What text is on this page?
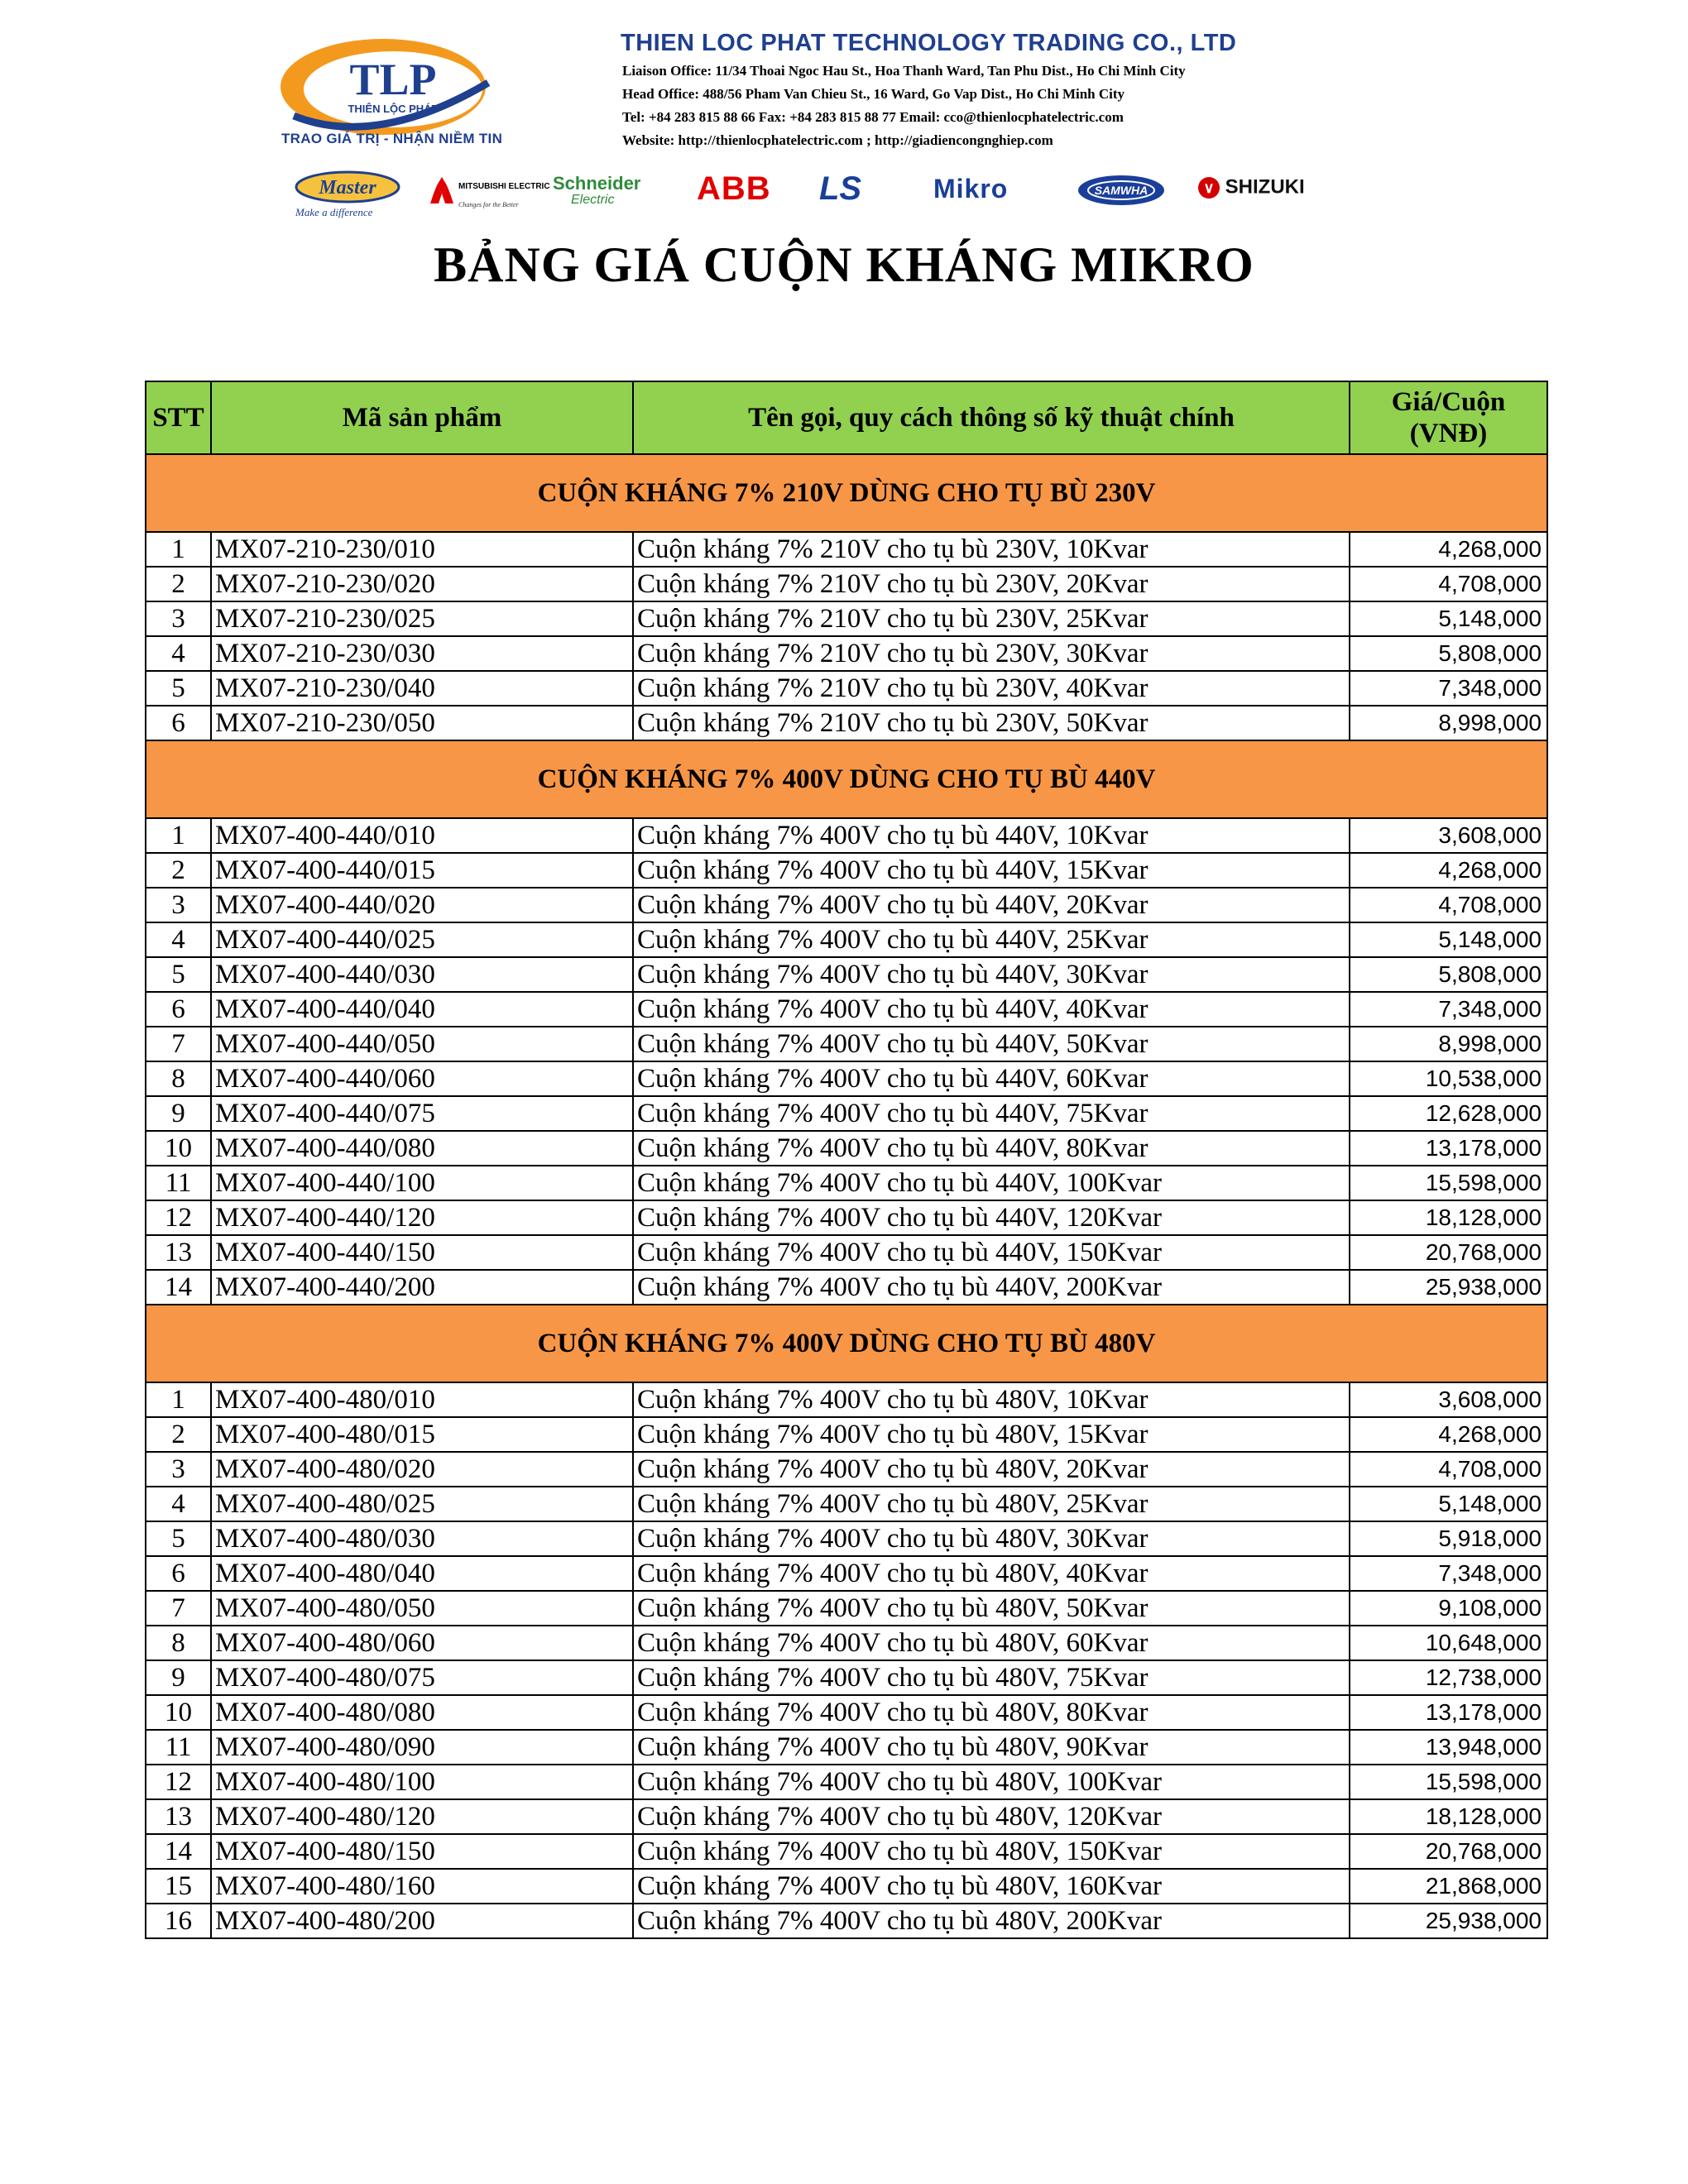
TLP
THIÊN LỘC PHÁT
TRAO GIÁ TRỊ - NHẬN NIỀM TIN
THIEN LOC PHAT TECHNOLOGY TRADING CO., LTD
Liaison Office: 11/34 Thoai Ngoc Hau St., Hoa Thanh Ward, Tan Phu Dist., Ho Chi Minh City
Head Office: 488/56 Pham Van Chieu St., 16 Ward, Go Vap Dist., Ho Chi Minh City
Tel: +84 283 815 88 66 Fax: +84 283 815 88 77 Email: cco@thienlocphatelectric.com
Website: http://thienlocphatelectric.com ; http://giadiencongnghiep.com
Master
Make a difference
MITSUBISHI ELECTRIC
Changes for the Better
Schneider
Electric	ABB LS	Mikro	SAMWHA	∨ SHIZUKI
BẢNG GIÁ CUỘN KHÁNG MIKRO
STT	Mã sản phẩm	Tên gọi, quy cách thông số kỹ thuật chính	Giá/Cuộn
(VNĐ)

CUỘN KHÁNG 7% 210V DÙNG CHO TỤ BÙ 230V			
1	MX07-210-230/010	Cuộn kháng 7% 210V cho tụ bù 230V, 10Kvar	4,268,000
2	MX07-210-230/020	Cuộn kháng 7% 210V cho tụ bù 230V, 20Kvar	4,708,000
3	MX07-210-230/025	Cuộn kháng 7% 210V cho tụ bù 230V, 25Kvar	5,148,000
4	MX07-210-230/030	Cuộn kháng 7% 210V cho tụ bù 230V, 30Kvar	5,808,000
5	MX07-210-230/040	Cuộn kháng 7% 210V cho tụ bù 230V, 40Kvar	7,348,000
6	MX07-210-230/050	Cuộn kháng 7% 210V cho tụ bù 230V, 50Kvar	8,998,000
CUỘN KHÁNG 7% 400V DÙNG CHO TỤ BÙ 440V			
1	MX07-400-440/010	Cuộn kháng 7% 400V cho tụ bù 440V, 10Kvar	3,608,000
2	MX07-400-440/015	Cuộn kháng 7% 400V cho tụ bù 440V, 15Kvar	4,268,000
3	MX07-400-440/020	Cuộn kháng 7% 400V cho tụ bù 440V, 20Kvar	4,708,000
4	MX07-400-440/025	Cuộn kháng 7% 400V cho tụ bù 440V, 25Kvar	5,148,000
5	MX07-400-440/030	Cuộn kháng 7% 400V cho tụ bù 440V, 30Kvar	5,808,000
6	MX07-400-440/040	Cuộn kháng 7% 400V cho tụ bù 440V, 40Kvar	7,348,000
7	MX07-400-440/050	Cuộn kháng 7% 400V cho tụ bù 440V, 50Kvar	8,998,000
8	MX07-400-440/060	Cuộn kháng 7% 400V cho tụ bù 440V, 60Kvar	10,538,000
9	MX07-400-440/075	Cuộn kháng 7% 400V cho tụ bù 440V, 75Kvar	12,628,000
10	MX07-400-440/080	Cuộn kháng 7% 400V cho tụ bù 440V, 80Kvar	13,178,000
11	MX07-400-440/100	Cuộn kháng 7% 400V cho tụ bù 440V, 100Kvar	15,598,000
12	MX07-400-440/120	Cuộn kháng 7% 400V cho tụ bù 440V, 120Kvar	18,128,000
13	MX07-400-440/150	Cuộn kháng 7% 400V cho tụ bù 440V, 150Kvar	20,768,000
14	MX07-400-440/200	Cuộn kháng 7% 400V cho tụ bù 440V, 200Kvar	25,938,000
CUỘN KHÁNG 7% 400V DÙNG CHO TỤ BÙ 480V			
1	MX07-400-480/010	Cuộn kháng 7% 400V cho tụ bù 480V, 10Kvar	3,608,000
2	MX07-400-480/015	Cuộn kháng 7% 400V cho tụ bù 480V, 15Kvar	4,268,000
3	MX07-400-480/020	Cuộn kháng 7% 400V cho tụ bù 480V, 20Kvar	4,708,000
4	MX07-400-480/025	Cuộn kháng 7% 400V cho tụ bù 480V, 25Kvar	5,148,000
5	MX07-400-480/030	Cuộn kháng 7% 400V cho tụ bù 480V, 30Kvar	5,918,000
6	MX07-400-480/040	Cuộn kháng 7% 400V cho tụ bù 480V, 40Kvar	7,348,000
7	MX07-400-480/050	Cuộn kháng 7% 400V cho tụ bù 480V, 50Kvar	9,108,000
8	MX07-400-480/060	Cuộn kháng 7% 400V cho tụ bù 480V, 60Kvar	10,648,000
9	MX07-400-480/075	Cuộn kháng 7% 400V cho tụ bù 480V, 75Kvar	12,738,000
10	MX07-400-480/080	Cuộn kháng 7% 400V cho tụ bù 480V, 80Kvar	13,178,000
11	MX07-400-480/090	Cuộn kháng 7% 400V cho tụ bù 480V, 90Kvar	13,948,000
12	MX07-400-480/100	Cuộn kháng 7% 400V cho tụ bù 480V, 100Kvar	15,598,000
13	MX07-400-480/120	Cuộn kháng 7% 400V cho tụ bù 480V, 120Kvar	18,128,000
14	MX07-400-480/150	Cuộn kháng 7% 400V cho tụ bù 480V, 150Kvar	20,768,000
15	MX07-400-480/160	Cuộn kháng 7% 400V cho tụ bù 480V, 160Kvar	21,868,000
16	MX07-400-480/200	Cuộn kháng 7% 400V cho tụ bù 480V, 200Kvar	25,938,000
